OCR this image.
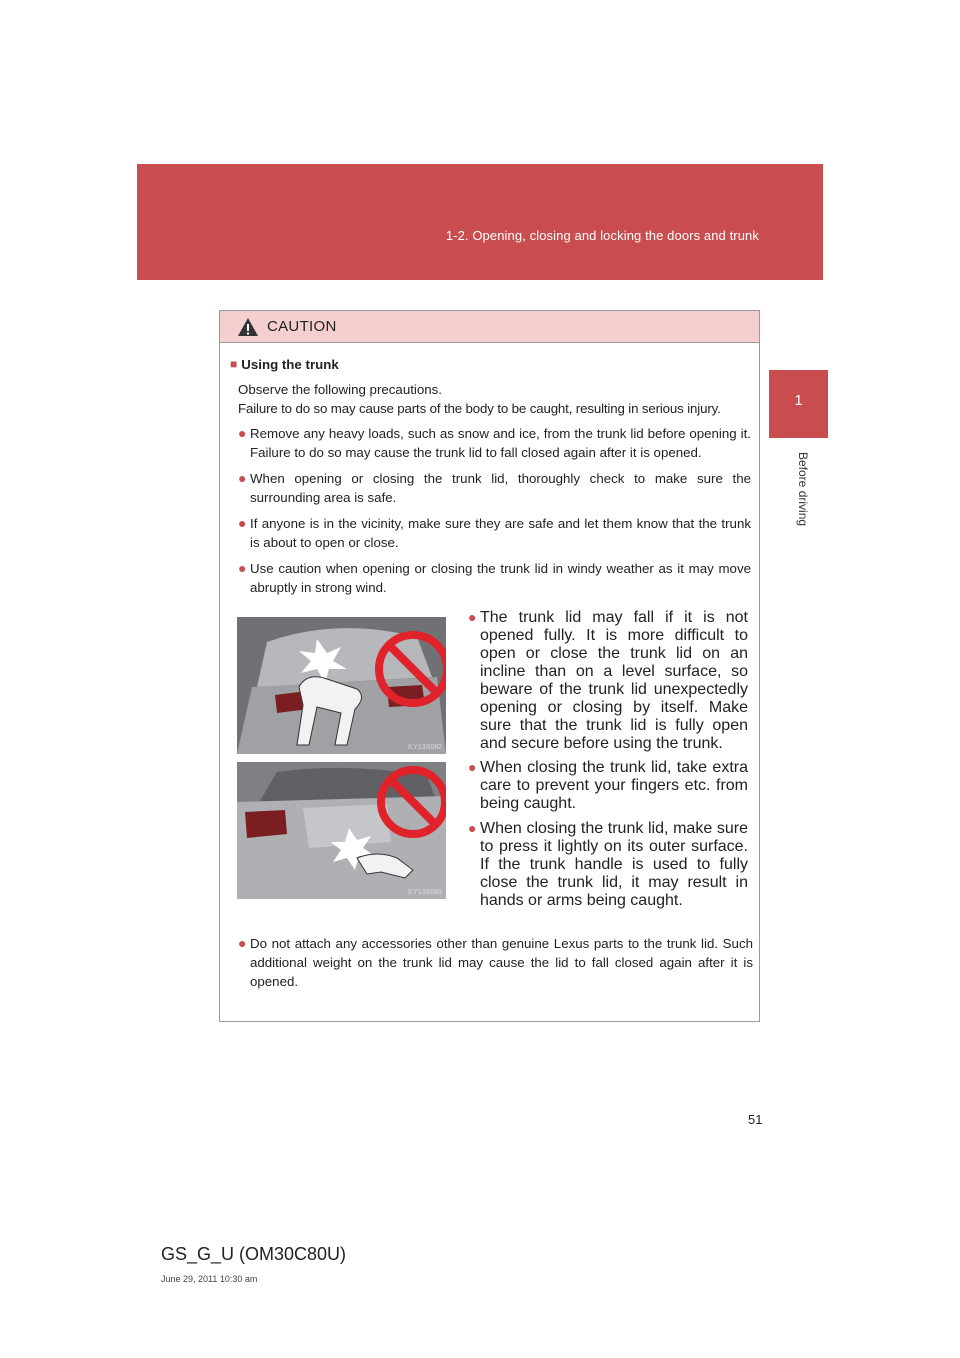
1-2. Opening, closing and locking the doors and trunk
1
Before driving
CAUTION
■ Using the trunk

Observe the following precautions.

Failure to do so may cause parts of the body to be caught, resulting in serious injury.

● Remove any heavy loads, such as snow and ice, from the trunk lid before opening it. Failure to do so may cause the trunk lid to fall closed again after it is opened.
● When opening or closing the trunk lid, thoroughly check to make sure the surrounding area is safe.
● If anyone is in the vicinity, make sure they are safe and let them know that the trunk is about to open or close.
● Use caution when opening or closing the trunk lid in windy weather as it may move abruptly in strong wind.
ILY13S082
● The trunk lid may fall if it is not opened fully. It is more difficult to open or close the trunk lid on an incline than on a level surface, so beware of the trunk lid unexpectedly opening or closing by itself. Make sure that the trunk lid is fully open and secure before using the trunk.
ILY13S083
● When closing the trunk lid, take extra care to prevent your fingers etc. from being caught.
● When closing the trunk lid, make sure to press it lightly on its outer surface. If the trunk handle is used to fully close the trunk lid, it may result in hands or arms being caught.
● Do not attach any accessories other than genuine Lexus parts to the trunk lid. Such additional weight on the trunk lid may cause the lid to fall closed again after it is opened.
51
GS_G_U (OM30C80U)
June 29, 2011 10:30 am
